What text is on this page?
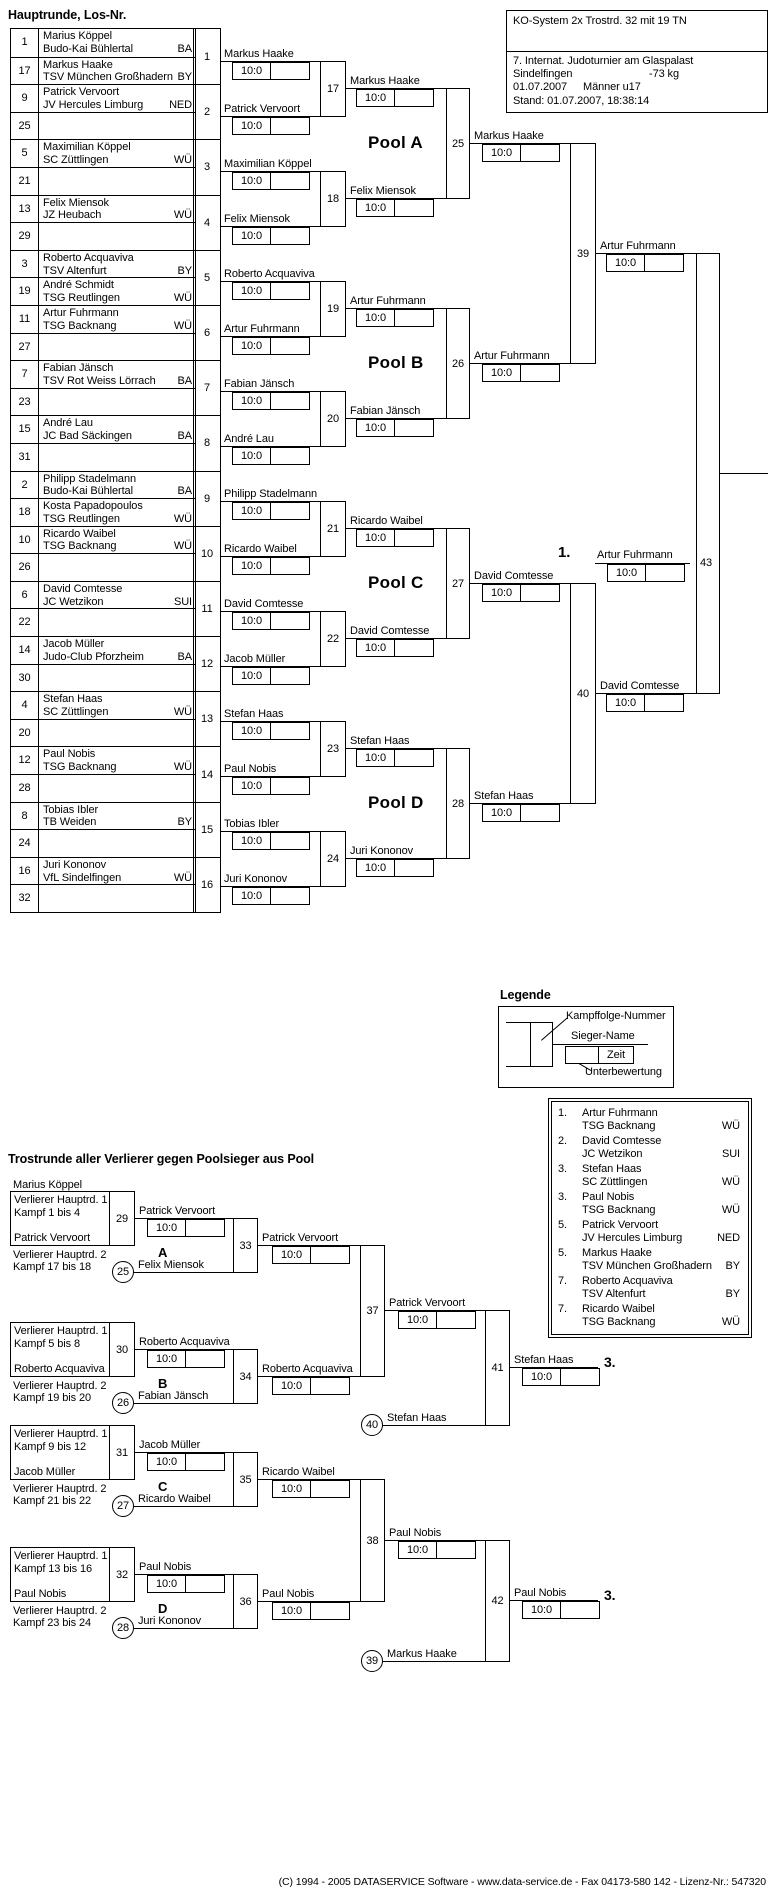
Hauptrunde, Los-Nr.	KO-System 2x Trostrd. 32 mit 19 TN
7. Internat. Judoturnier am Glaspalast
Sindelfingen	-73 kg
01.07.2007 Männer u17
Stand: 01.07.2007, 18:38:14
1	Marius Köppel
Budo-Kai Bühlertal	BA
17	Markus Haake
TSV München Großhadern BY
9	Patrick Vervoort
JV Hercules Limburg NED
25
5	Maximilian Köppel
SC Züttlingen	WÜ
21
13	Felix Miensok
JZ Heubach	WÜ
29
3	Roberto Acquaviva
TSV Altenfurt	BY
19	André Schmidt
TSG Reutlingen	WÜ
11	Artur Fuhrmann
TSG Backnang	WÜ
27
7	Fabian Jänsch
TSV Rot Weiss Lörrach BA
23
15	André Lau
JC Bad Säckingen	BA
31
2	Philipp Stadelmann
Budo-Kai Bühlertal	BA
18	Kosta Papadopoulos
TSG Reutlingen	WÜ
10	Ricardo Waibel
TSG Backnang	WÜ
26
6	David Comtesse
JC Wetzikon	SUI
22
14	Jacob Müller
Judo-Club Pforzheim	BA
30
4	Stefan Haas
SC Züttlingen	WÜ
20
12	Paul Nobis
TSG Backnang	WÜ
28
8	Tobias Ibler
TB Weiden	BY
24
16	Juri Kononov
VfL Sindelfingen	WÜ
32
1
2
3
4
5
6
7
8
9
10
11
12
13
14
15
16
Markus Haake
10:0
Patrick Vervoort
10:0
Maximilian Köppel
10:0
Felix Miensok
10:0
Roberto Acquaviva
10:0
Artur Fuhrmann
10:0
Fabian Jänsch
10:0
André Lau
10:0
Philipp Stadelmann
10:0
Ricardo Waibel
10:0
David Comtesse
10:0
Jacob Müller
10:0
Stefan Haas
10:0
Paul Nobis
10:0
Tobias Ibler
10:0
Juri Kononov
10:0
17
18
19
20
21
22
23
24
Markus Haake
10:0
Felix Miensok
10:0
Artur Fuhrmann
10:0
Fabian Jänsch
10:0
Ricardo Waibel
10:0
David Comtesse
10:0
Stefan Haas
10:0
Juri Kononov
10:0
Pool A
Pool B
Pool C
Pool D
25
26
27
28
Markus Haake
10:0
Artur Fuhrmann
10:0
David Comtesse
10:0
Stefan Haas
10:0
39
40
Artur Fuhrmann
10:0
David Comtesse
10:0
43
1. Artur Fuhrmann
10:0
Trostrunde aller Verlierer gegen Poolsieger aus Pool
Marius Köppel
Verlierer Hauptrd. 1
Kampf 1 bis 4
Patrick Vervoort
29
Verlierer Hauptrd. 2
Kampf 17 bis 18
Patrick Vervoort
10:0
A
25
Felix Miensok
Verlierer Hauptrd. 1
Kampf 5 bis 8
Roberto Acquaviva
30
Verlierer Hauptrd. 2
Kampf 19 bis 20
Roberto Acquaviva
10:0
B
26
Fabian Jänsch
Verlierer Hauptrd. 1
Kampf 9 bis 12
Jacob Müller
31
Verlierer Hauptrd. 2
Kampf 21 bis 22
Jacob Müller
10:0
C
27
Ricardo Waibel
Verlierer Hauptrd. 1
Kampf 13 bis 16
Paul Nobis
32
Verlierer Hauptrd. 2
Kampf 23 bis 24
Paul Nobis
10:0
D
28
Juri Kononov
33
Patrick Vervoort
10:0
34
Roberto Acquaviva
10:0
35
Ricardo Waibel
10:0
36
Paul Nobis
10:0
37
Patrick Vervoort
10:0
38
Paul Nobis
10:0
40
Stefan Haas
41
Stefan Haas
10:0
3.
39
Markus Haake
42
Paul Nobis
10:0
3.
Legende
Kampffolge-Nummer
Sieger-Name
Zeit
Unterbewertung
1.	Artur Fuhrmann
TSG Backnang	WÜ
2.	David Comtesse
JC Wetzikon	SUI
3.	Stefan Haas
SC Züttlingen	WÜ
3.	Paul Nobis
TSG Backnang	WÜ
5.	Patrick Vervoort
JV Hercules Limburg	NED
5.	Markus Haake
TSV München Großhadern BY
7.	Roberto Acquaviva
TSV Altenfurt	BY
7.	Ricardo Waibel
TSG Backnang	WÜ
(C) 1994 - 2005 DATASERVICE Software - www.data-service.de - Fax 04173-580 142 - Lizenz-Nr.: 547320
